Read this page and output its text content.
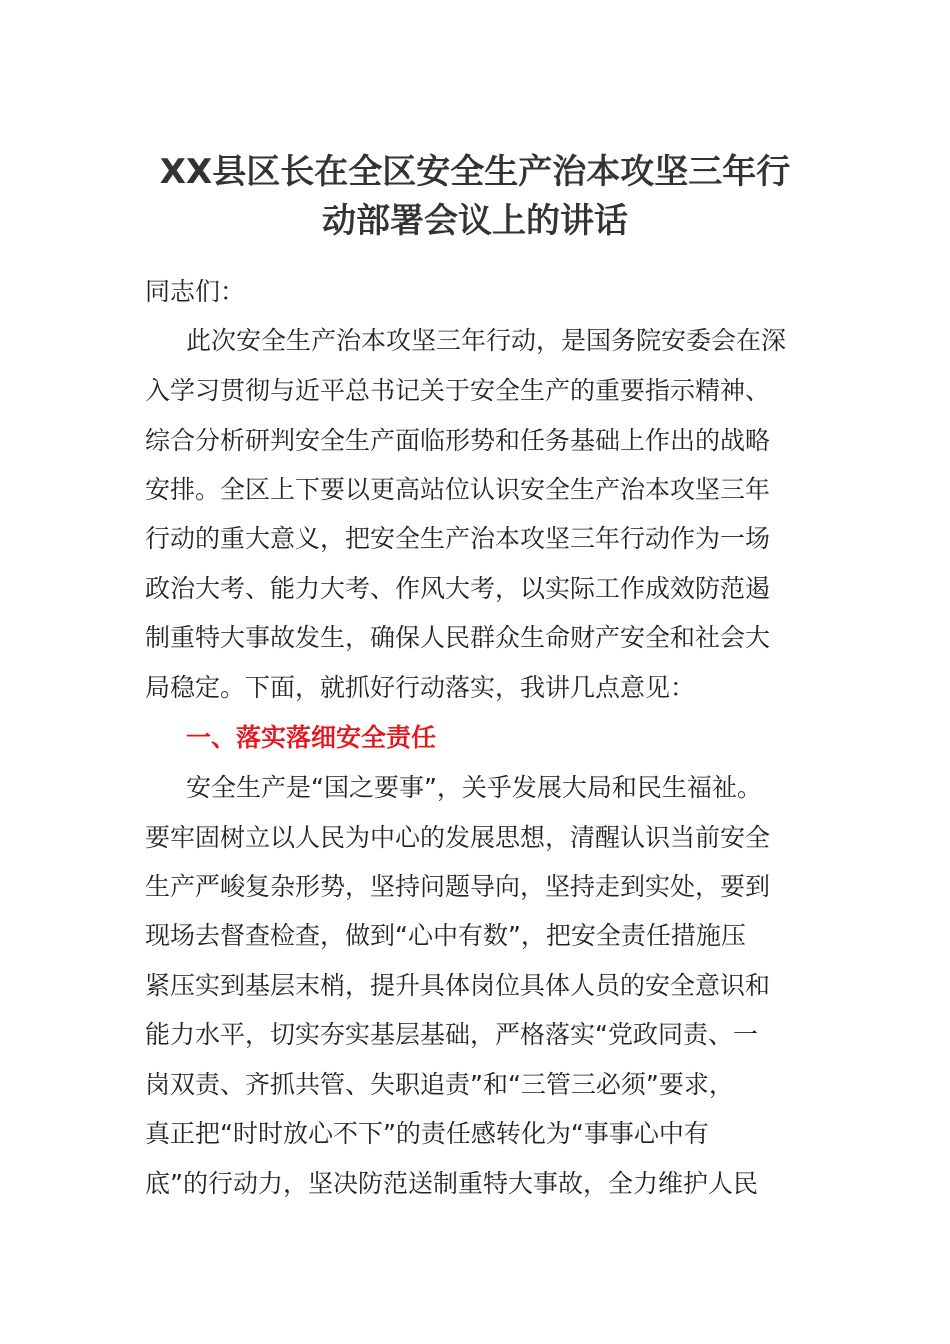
XX县区长在全区安全生产治本攻坚三年行
动部署会议上的讲话
同志们：
此次安全生产治本攻坚三年行动，是国务院安委会在深
入学习贯彻与近平总书记关于安全生产的重要指示精神、
综合分析研判安全生产面临形势和任务基础上作出的战略
安排。全区上下要以更高站位认识安全生产治本攻坚三年
行动的重大意义，把安全生产治本攻坚三年行动作为一场
政治大考、能力大考、作风大考，以实际工作成效防范遏
制重特大事故发生，确保人民群众生命财产安全和社会大
局稳定。下面，就抓好行动落实，我讲几点意见：
一、落实落细安全责任
安全生产是“国之要事”，关乎发展大局和民生福祉。
要牢固树立以人民为中心的发展思想，清醒认识当前安全
生产严峻复杂形势，坚持问题导向，坚持走到实处，要到
现场去督查检查，做到“心中有数”，把安全责任措施压
紧压实到基层末梢，提升具体岗位具体人员的安全意识和
能力水平，切实夯实基层基础，严格落实“党政同责、一
岗双责、齐抓共管、失职追责”和“三管三必须”要求，
真正把“时时放心不下”的责任感转化为“事事心中有
底”的行动力，坚决防范送制重特大事故，全力维护人民
